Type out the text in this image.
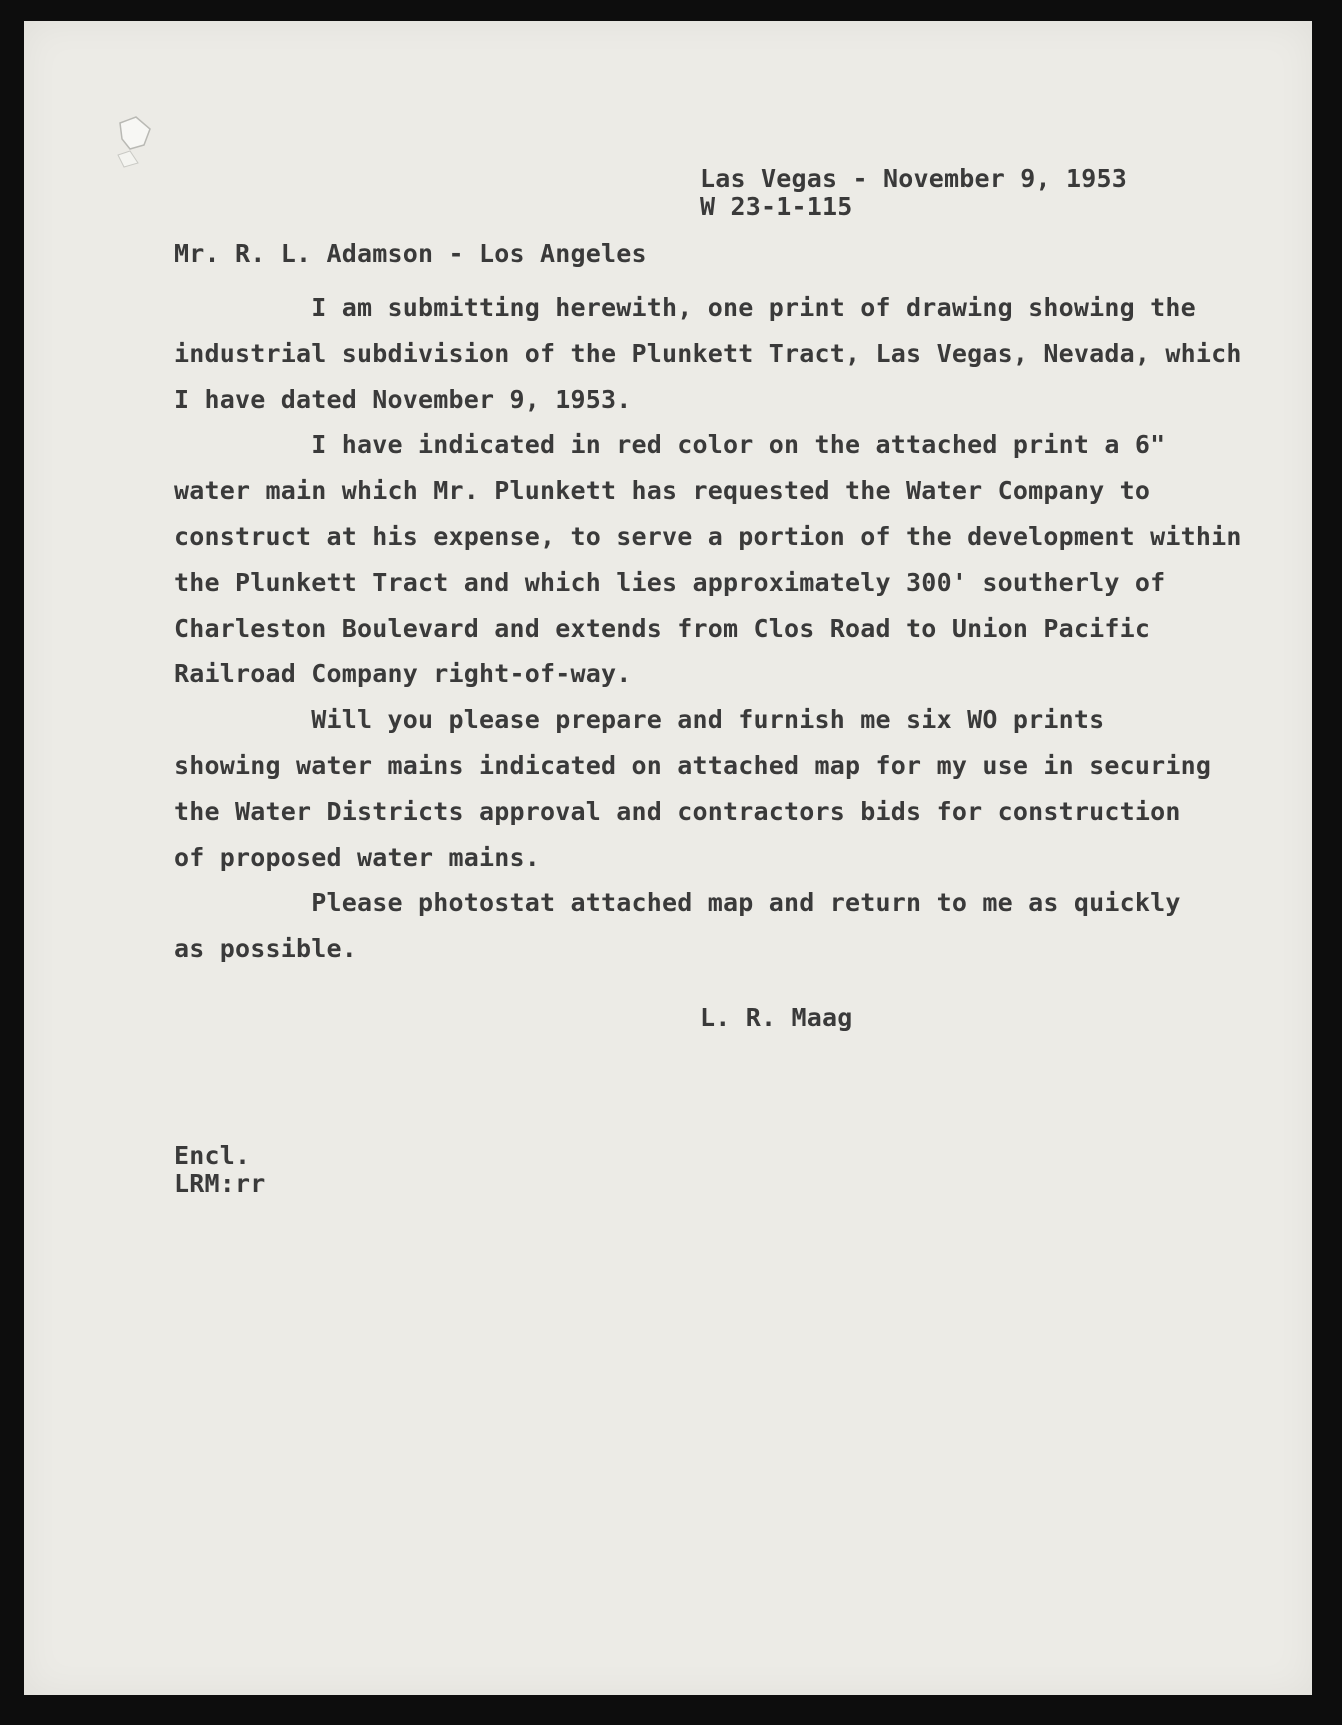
Las Vegas - November 9, 1953
W 23-1-115
Mr. R. L. Adamson - Los Angeles
I am submitting herewith, one print of drawing showing the
industrial subdivision of the Plunkett Tract, Las Vegas, Nevada, which
I have dated November 9, 1953.
I have indicated in red color on the attached print a 6"
water main which Mr. Plunkett has requested the Water Company to
construct at his expense, to serve a portion of the development within
the Plunkett Tract and which lies approximately 300' southerly of
Charleston Boulevard and extends from Clos Road to Union Pacific
Railroad Company right-of-way.
Will you please prepare and furnish me six WO prints
showing water mains indicated on attached map for my use in securing
the Water Districts approval and contractors bids for construction
of proposed water mains.
Please photostat attached map and return to me as quickly
as possible.
L. R. Maag
Encl.
LRM:rr
